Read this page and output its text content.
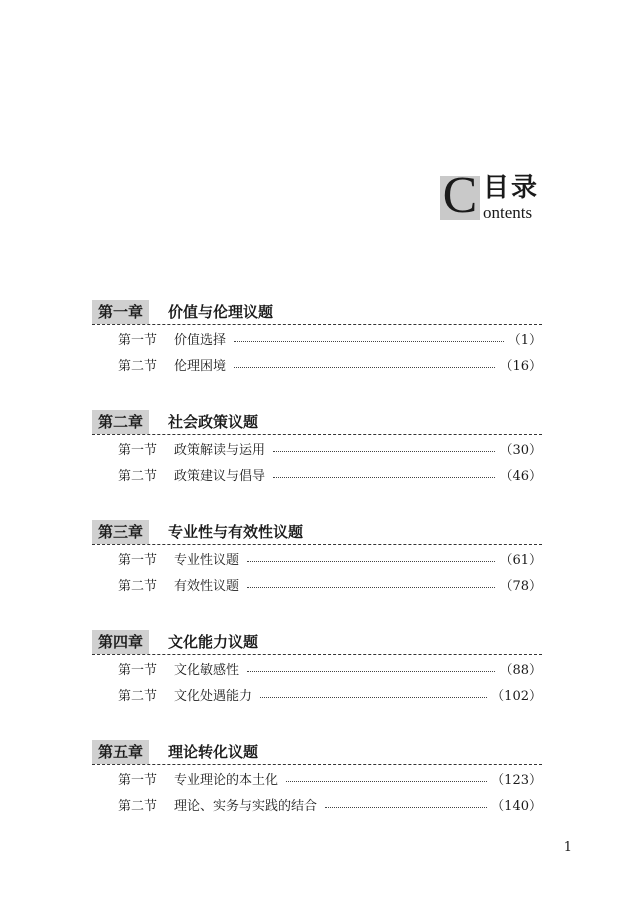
C 目录
ontents
第一章	价值与伦理议题
第一节	价值选择	（1）
第二节	伦理困境	（16）
第二章	社会政策议题
第一节	政策解读与运用	（30）
第二节	政策建议与倡导	（46）
第三章	专业性与有效性议题
第一节	专业性议题	（61）
第二节	有效性议题	（78）
第四章	文化能力议题
第一节	文化敏感性	（88）
第二节	文化处遇能力	（102）
第五章	理论转化议题
第一节	专业理论的本土化	（123）
第二节	理论、实务与实践的结合	（140）
1
